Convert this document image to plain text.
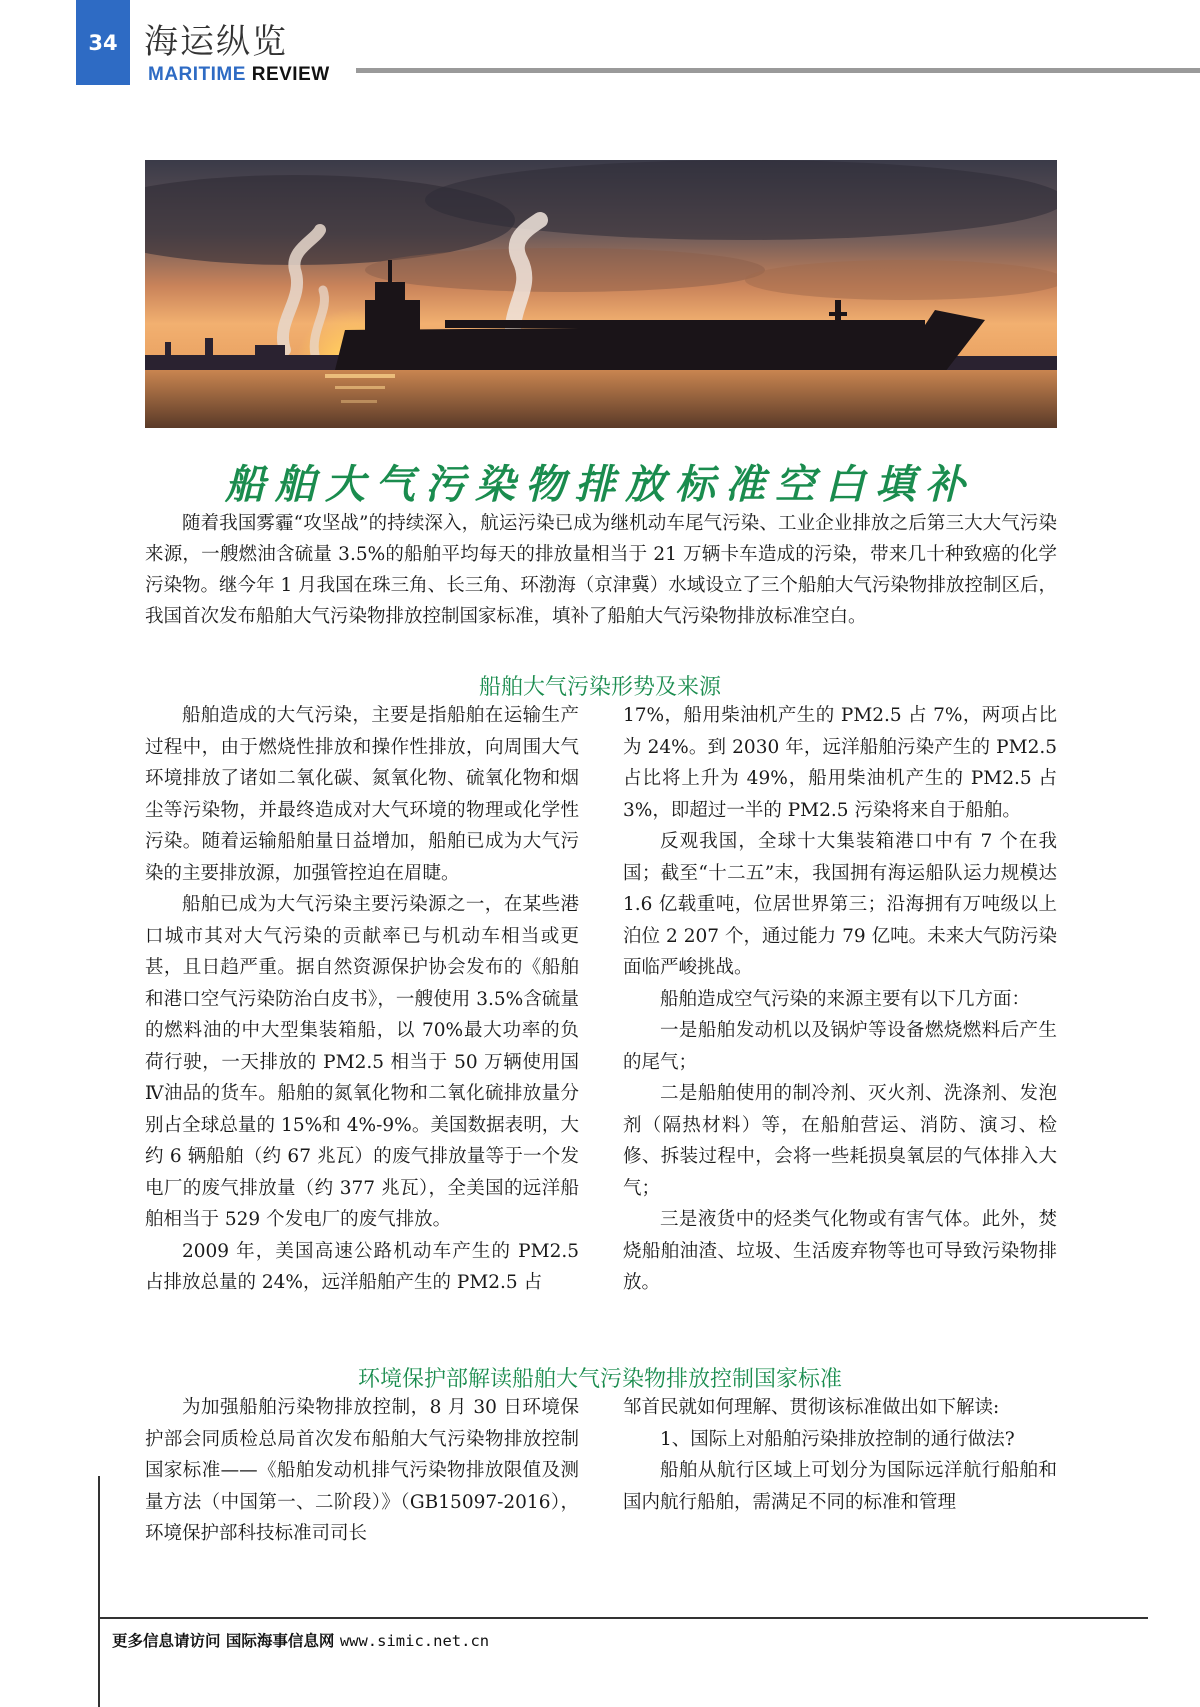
34 海运纵览
MARITIME REVIEW
船舶大气污染物排放标准空白填补
随着我国雾霾“攻坚战”的持续深入，航运污染已成为继机动车尾气污染、工业企业排放之后第三大大气污染来源，一艘燃油含硫量 3.5%的船舶平均每天的排放量相当于 21 万辆卡车造成的污染，带来几十种致癌的化学污染物。继今年 1 月我国在珠三角、长三角、环渤海（京津冀）水域设立了三个船舶大气污染物排放控制区后，我国首次发布船舶大气污染物排放控制国家标准，填补了船舶大气污染物排放标准空白。
船舶大气污染形势及来源

船舶造成的大气污染，主要是指船舶在运输生产过程中，由于燃烧性排放和操作性排放，向周围大气环境排放了诸如二氧化碳、氮氧化物、硫氧化物和烟尘等污染物，并最终造成对大气环境的物理或化学性污染。随着运输船舶量日益增加，船舶已成为大气污染的主要排放源，加强管控迫在眉睫。

船舶已成为大气污染主要污染源之一，在某些港口城市其对大气污染的贡献率已与机动车相当或更甚，且日趋严重。据自然资源保护协会发布的《船舶和港口空气污染防治白皮书》，一艘使用 3.5%含硫量的燃料油的中大型集装箱船，以 70%最大功率的负荷行驶，一天排放的 PM2.5 相当于 50 万辆使用国Ⅳ油品的货车。船舶的氮氧化物和二氧化硫排放量分别占全球总量的 15%和 4%-9%。美国数据表明，大约 6 辆船舶（约 67 兆瓦）的废气排放量等于一个发电厂的废气排放量（约 377 兆瓦），全美国的远洋船舶相当于 529 个发电厂的废气排放。

2009 年，美国高速公路机动车产生的 PM2.5 占排放总量的 24%，远洋船舶产生的 PM2.5 占

17%，船用柴油机产生的 PM2.5 占 7%，两项占比为 24%。到 2030 年，远洋船舶污染产生的 PM2.5 占比将上升为 49%，船用柴油机产生的 PM2.5 占 3%，即超过一半的 PM2.5 污染将来自于船舶。

反观我国，全球十大集装箱港口中有 7 个在我国；截至“十二五”末，我国拥有海运船队运力规模达 1.6 亿载重吨，位居世界第三；沿海拥有万吨级以上泊位 2 207 个，通过能力 79 亿吨。未来大气防污染面临严峻挑战。

船舶造成空气污染的来源主要有以下几方面：

一是船舶发动机以及锅炉等设备燃烧燃料后产生的尾气；

二是船舶使用的制冷剂、灭火剂、洗涤剂、发泡剂（隔热材料）等，在船舶营运、消防、演习、检修、拆装过程中，会将一些耗损臭氧层的气体排入大气；

三是液货中的烃类气化物或有害气体。此外，焚烧船舶油渣、垃圾、生活废弃物等也可导致污染物排放。

环境保护部解读船舶大气污染物排放控制国家标准

为加强船舶污染物排放控制，8 月 30 日环境保护部会同质检总局首次发布船舶大气污染物排放控制国家标准——《船舶发动机排气污染物排放限值及测量方法（中国第一、二阶段）》（GB15097-2016），环境保护部科技标准司司长

邹首民就如何理解、贯彻该标准做出如下解读:

1、国际上对船舶污染排放控制的通行做法?

船舶从航行区域上可划分为国际远洋航行船舶和国内航行船舶，需满足不同的标准和管理

更多信息请访问 国际海事信息网 www.simic.net.cn
